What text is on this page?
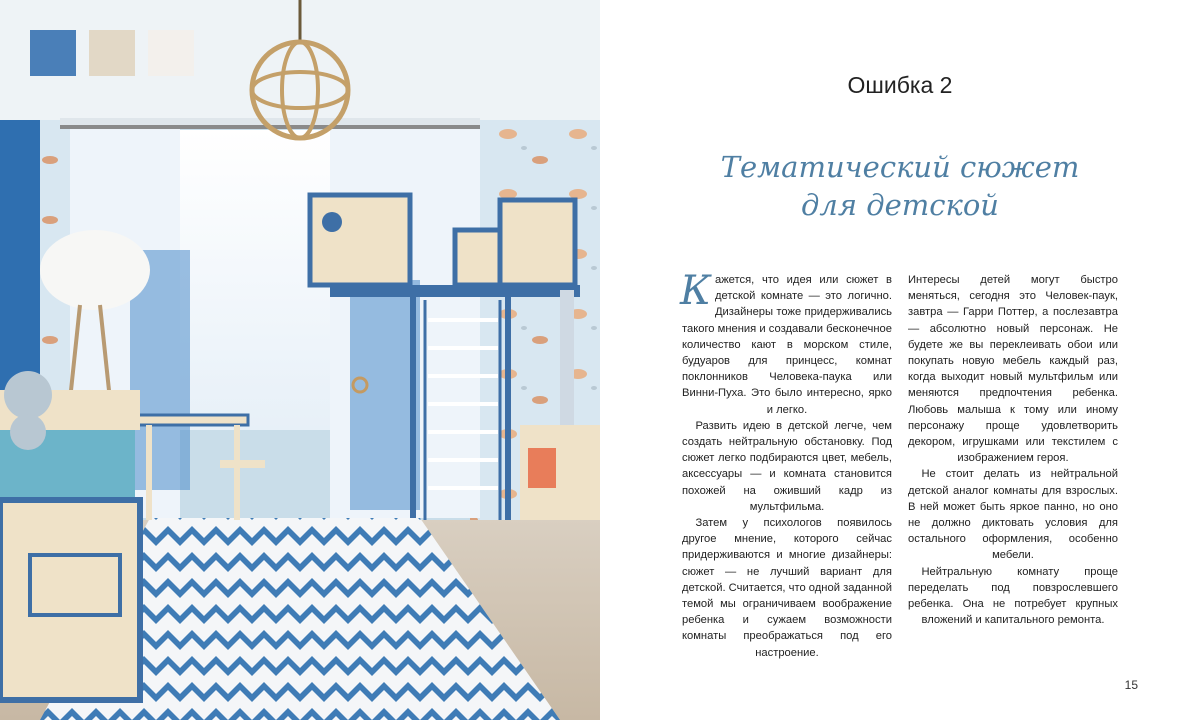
Ошибка 2
Тематический сюжет
для детской

Кажется, что идея или сюжет в детской комнате — это логично. Дизайнеры тоже придерживались такого мнения и создавали бесконечное количество кают в морском стиле, будуаров для принцесс, комнат поклонников Человека-паука или Винни-Пуха. Это было интересно, ярко и легко.

Развить идею в детской легче, чем создать нейтральную обстановку. Под сюжет легко подбираются цвет, мебель, аксессуары — и комната становится похожей на оживший кадр из мультфильма.

Затем у психологов появилось другое мнение, которого сейчас придерживаются и многие дизайнеры: сюжет — не лучший вариант для детской. Считается, что одной заданной темой мы ограничиваем воображение ребенка и сужаем возможности комнаты преображаться под его настроение.

Интересы детей могут быстро меняться, сегодня это Человек-паук, завтра — Гарри Поттер, а послезавтра — абсолютно новый персонаж. Не будете же вы переклеивать обои или покупать новую мебель каждый раз, когда выходит новый мультфильм или меняются предпочтения ребенка. Любовь малыша к тому или иному персонажу проще удовлетворить декором, игрушками или текстилем с изображением героя.

Не стоит делать из нейтральной детской аналог комнаты для взрослых. В ней может быть яркое панно, но оно не должно диктовать условия для остального оформления, особенно мебели.

Нейтральную комнату проще переделать под повзрослевшего ребенка. Она не потребует крупных вложений и капитального ремонта.

15
